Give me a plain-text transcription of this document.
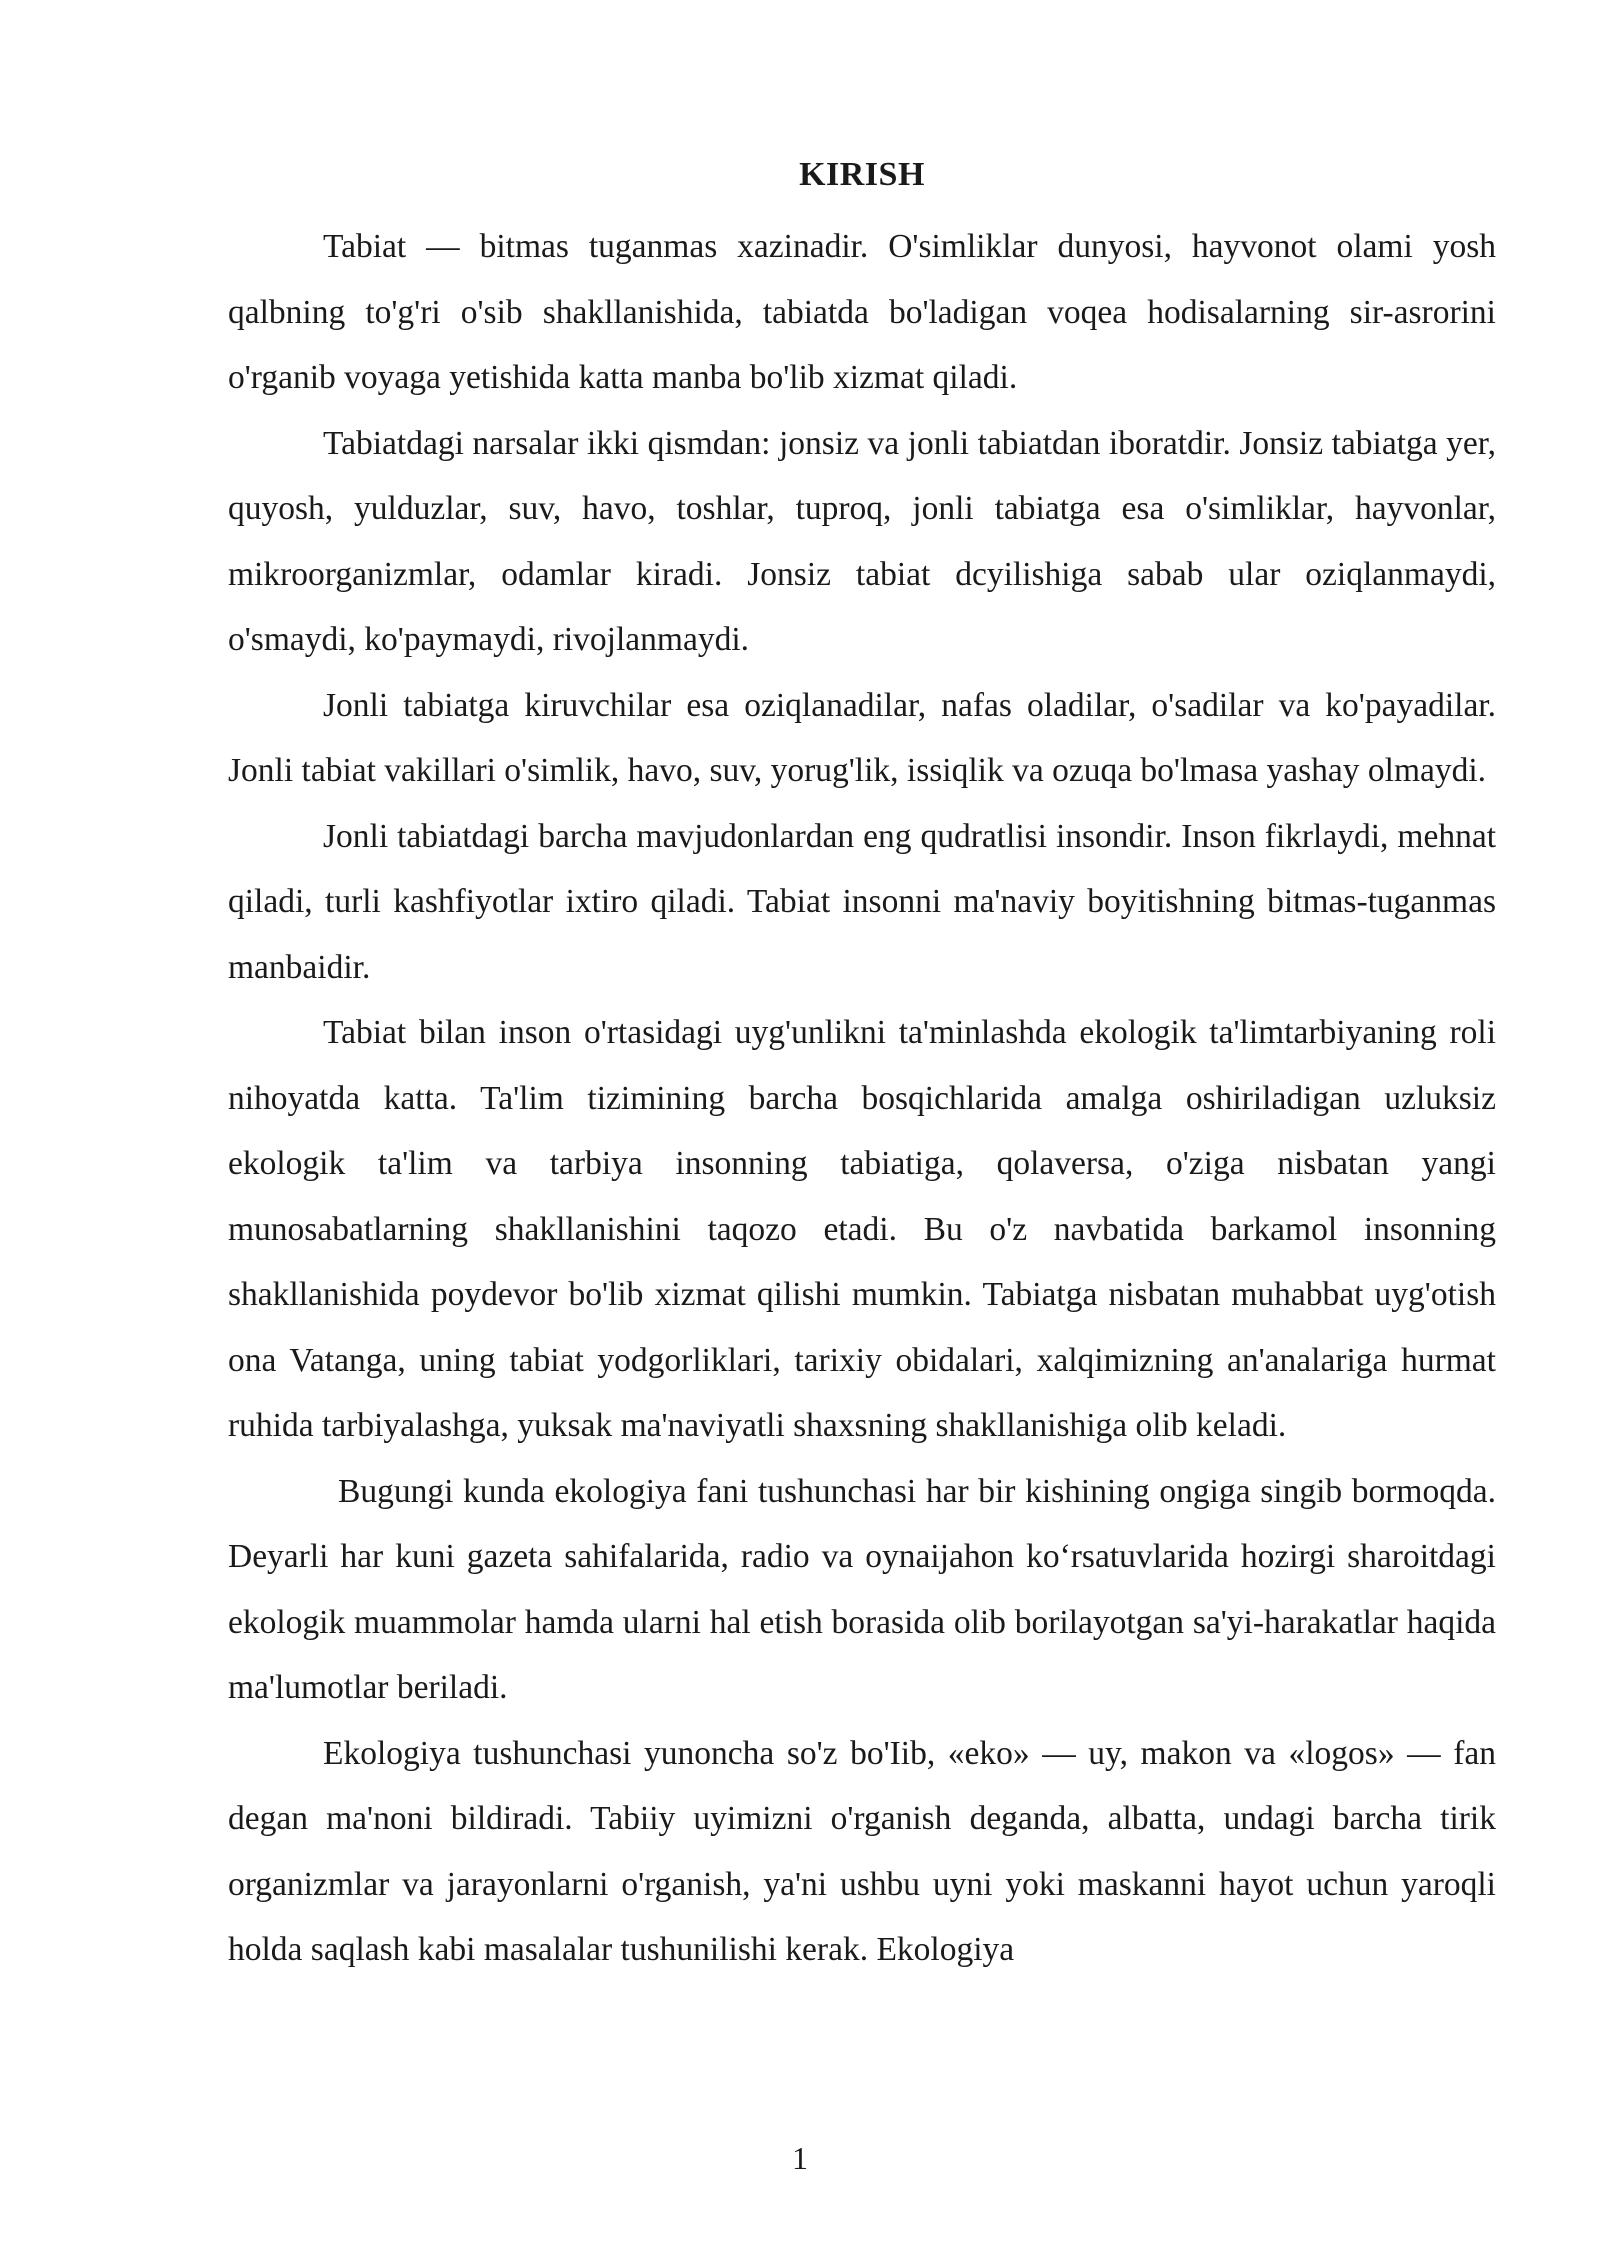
KIRISH

Tabiat — bitmas tuganmas xazinadir. O'simliklar dunyosi, hayvonot olami yosh qalbning to'g'ri o'sib shakllanishida, tabiatda bo'ladigan voqea hodisalarning sir-asrorini o'rganib voyaga yetishida katta manba bo'lib xizmat qiladi.

Tabiatdagi narsalar ikki qismdan: jonsiz va jonli tabiatdan iboratdir. Jonsiz tabiatga yer, quyosh, yulduzlar, suv, havo, toshlar, tuproq, jonli tabiatga esa o'simliklar, hayvonlar, mikroorganizmlar, odamlar kiradi. Jonsiz tabiat dcyilishiga sabab ular oziqlanmaydi, o'smaydi, ko'paymaydi, rivojlanmaydi.

Jonli tabiatga kiruvchilar esa oziqlanadilar, nafas oladilar, o'sadilar va ko'payadilar. Jonli tabiat vakillari o'simlik, havo, suv, yorug'lik, issiqlik va ozuqa bo'lmasa yashay olmaydi.

Jonli tabiatdagi barcha mavjudonlardan eng qudratlisi insondir. Inson fikrlaydi, mehnat qiladi, turli kashfiyotlar ixtiro qiladi. Tabiat insonni ma'naviy boyitishning bitmas-tuganmas manbaidir.

Tabiat bilan inson o'rtasidagi uyg'unlikni ta'minlashda ekologik ta'limtarbiyaning roli nihoyatda katta. Ta'lim tizimining barcha bosqichlarida amalga oshiriladigan uzluksiz ekologik ta'lim va tarbiya insonning tabiatiga, qolaversa, o'ziga nisbatan yangi munosabatlarning shakllanishini taqozo etadi. Bu o'z navbatida barkamol insonning shakllanishida poydevor bo'lib xizmat qilishi mumkin. Tabiatga nisbatan muhabbat uyg'otish ona Vatanga, uning tabiat yodgorliklari, tarixiy obidalari, xalqimizning an'analariga hurmat ruhida tarbiyalashga, yuksak ma'naviyatli shaxsning shakllanishiga olib keladi.

Bugungi kunda ekologiya fani tushunchasi har bir kishining ongiga singib bormoqda. Deyarli har kuni gazeta sahifalarida, radio va oynaijahon koʻrsatuvlarida hozirgi sharoitdagi ekologik muammolar hamda ularni hal etish borasida olib borilayotgan sa'yi-harakatlar haqida ma'lumotlar beriladi.

Ekologiya tushunchasi yunoncha so'z bo'Iib, «eko» — uy, makon va «logos» — fan degan ma'noni bildiradi. Tabiiy uyimizni o'rganish deganda, albatta, undagi barcha tirik organizmlar va jarayonlarni o'rganish, ya'ni ushbu uyni yoki maskanni hayot uchun yaroqli holda saqlash kabi masalalar tushunilishi kerak. Ekologiya

1
